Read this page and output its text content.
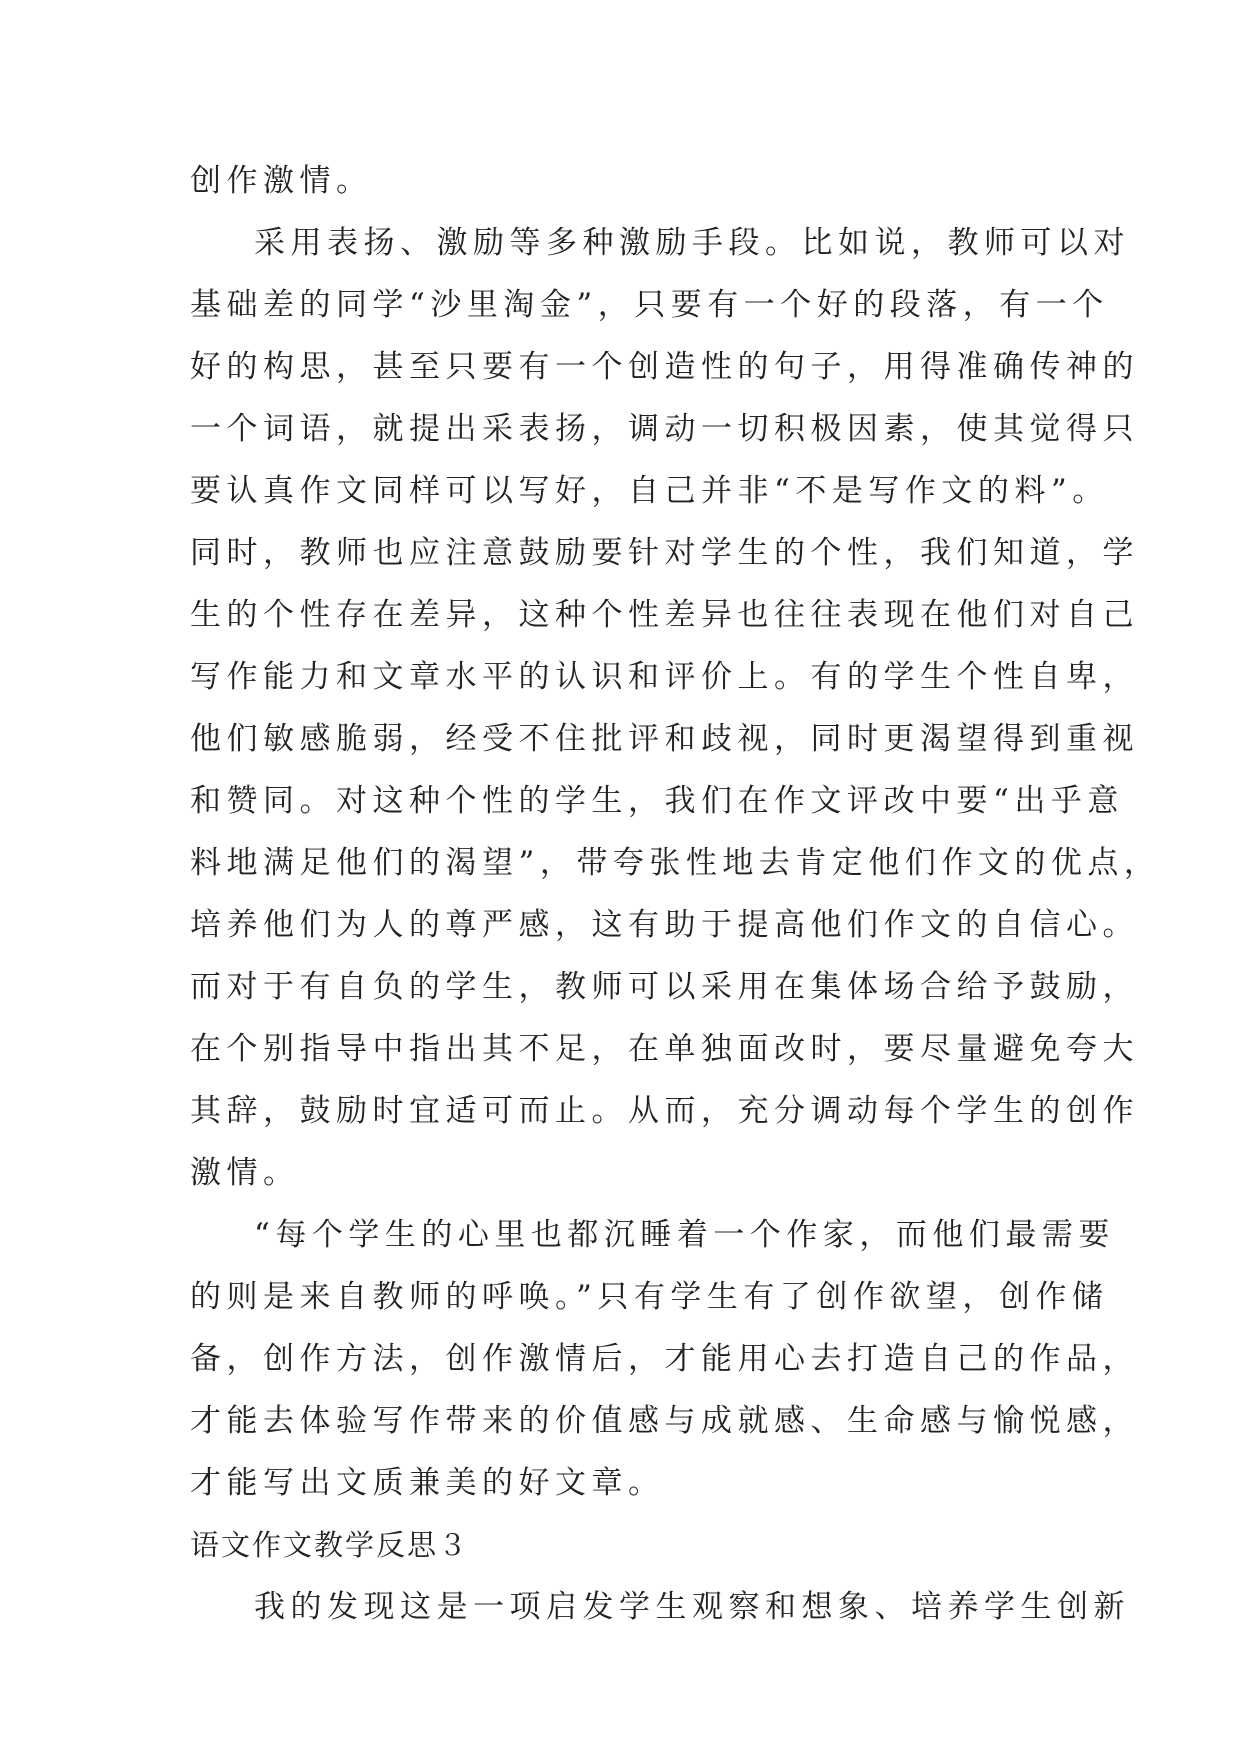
创作激情。
采用表扬、激励等多种激励手段。比如说，教师可以对
基础差的同学“沙里淘金”，只要有一个好的段落，有一个
好的构思，甚至只要有一个创造性的句子，用得准确传神的
一个词语，就提出采表扬，调动一切积极因素，使其觉得只
要认真作文同样可以写好，自己并非“不是写作文的料”。
同时，教师也应注意鼓励要针对学生的个性，我们知道，学
生的个性存在差异，这种个性差异也往往表现在他们对自己
写作能力和文章水平的认识和评价上。有的学生个性自卑，
他们敏感脆弱，经受不住批评和歧视，同时更渴望得到重视
和赞同。对这种个性的学生，我们在作文评改中要“出乎意
料地满足他们的渴望”，带夸张性地去肯定他们作文的优点，
培养他们为人的尊严感，这有助于提高他们作文的自信心。
而对于有自负的学生，教师可以采用在集体场合给予鼓励，
在个别指导中指出其不足，在单独面改时，要尽量避免夸大
其辞，鼓励时宜适可而止。从而，充分调动每个学生的创作
激情。
“每个学生的心里也都沉睡着一个作家，而他们最需要
的则是来自教师的呼唤。”只有学生有了创作欲望，创作储
备，创作方法，创作激情后，才能用心去打造自己的作品，
才能去体验写作带来的价值感与成就感、生命感与愉悦感，
才能写出文质兼美的好文章。
语文作文教学反思３
我的发现这是一项启发学生观察和想象、培养学生创新
